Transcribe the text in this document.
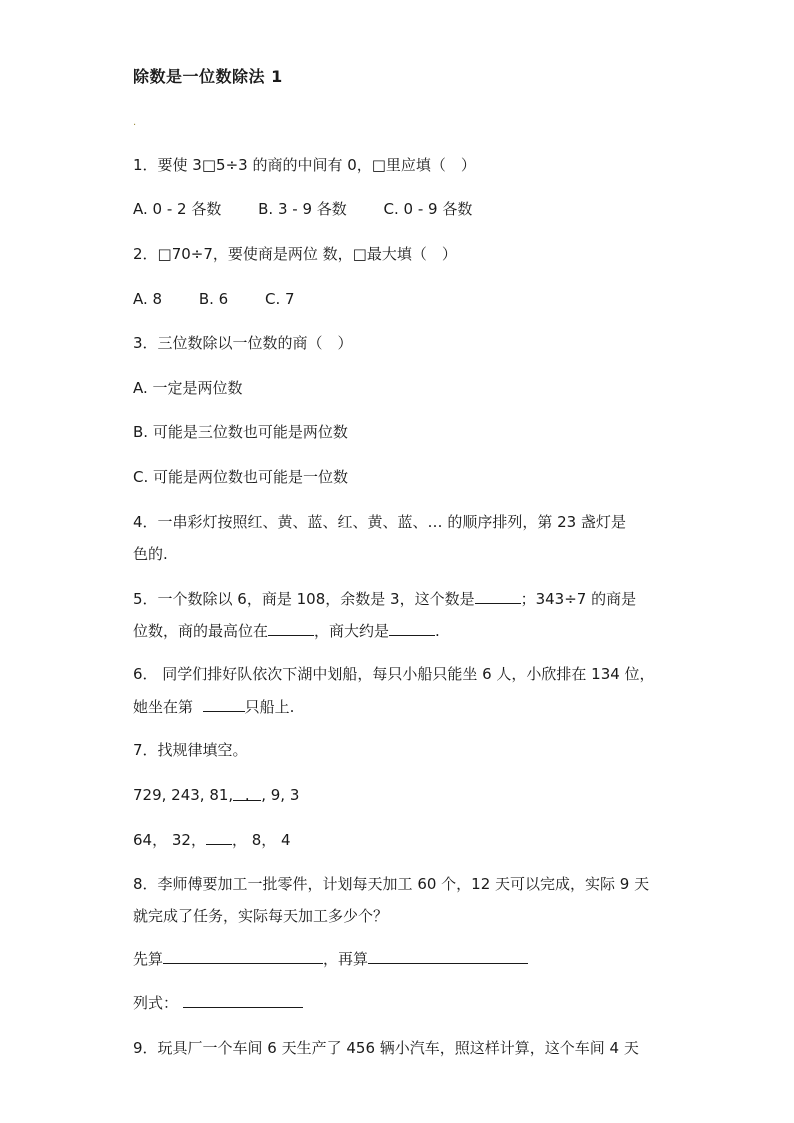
除数是一位数除法 1
·
1．要使 3□5÷3 的商的中间有 0，□里应填（　）
A. 0 - 2 各数 B. 3 - 9 各数 C. 0 - 9 各数
2．□70÷7，要使商是两位 数，□最大填（　）
A. 8 B. 6 C. 7
3．三位数除以一位数的商（　）
A. 一定是两位数
B. 可能是三位数也可能是两位数
C. 可能是两位数也可能是一位数
4．一串彩灯按照红、黄、蓝、红、黄、蓝、… 的顺序排列，第 23 盏灯是
色的.
5．一个数除以 6，商是 108，余数是 3，这个数是	；343÷7 的商是
位数，商的最高位在	，商大约是	.
6． 同学们排好队依次下湖中划船，每只小船只能坐 6 人，小欣排在 134 位，
她坐在第	只船上.
7．找规律填空。
729, 243, 81,., 9, 3
64， 32， ， 8， 4
8．李师傅要加工一批零件，计划每天加工 60 个，12 天可以完成，实际 9 天
就完成了任务，实际每天加工多少个？
先算	，再算
列式：
9．玩具厂一个车间 6 天生产了 456 辆小汽车，照这样计算，这个车间 4 天
